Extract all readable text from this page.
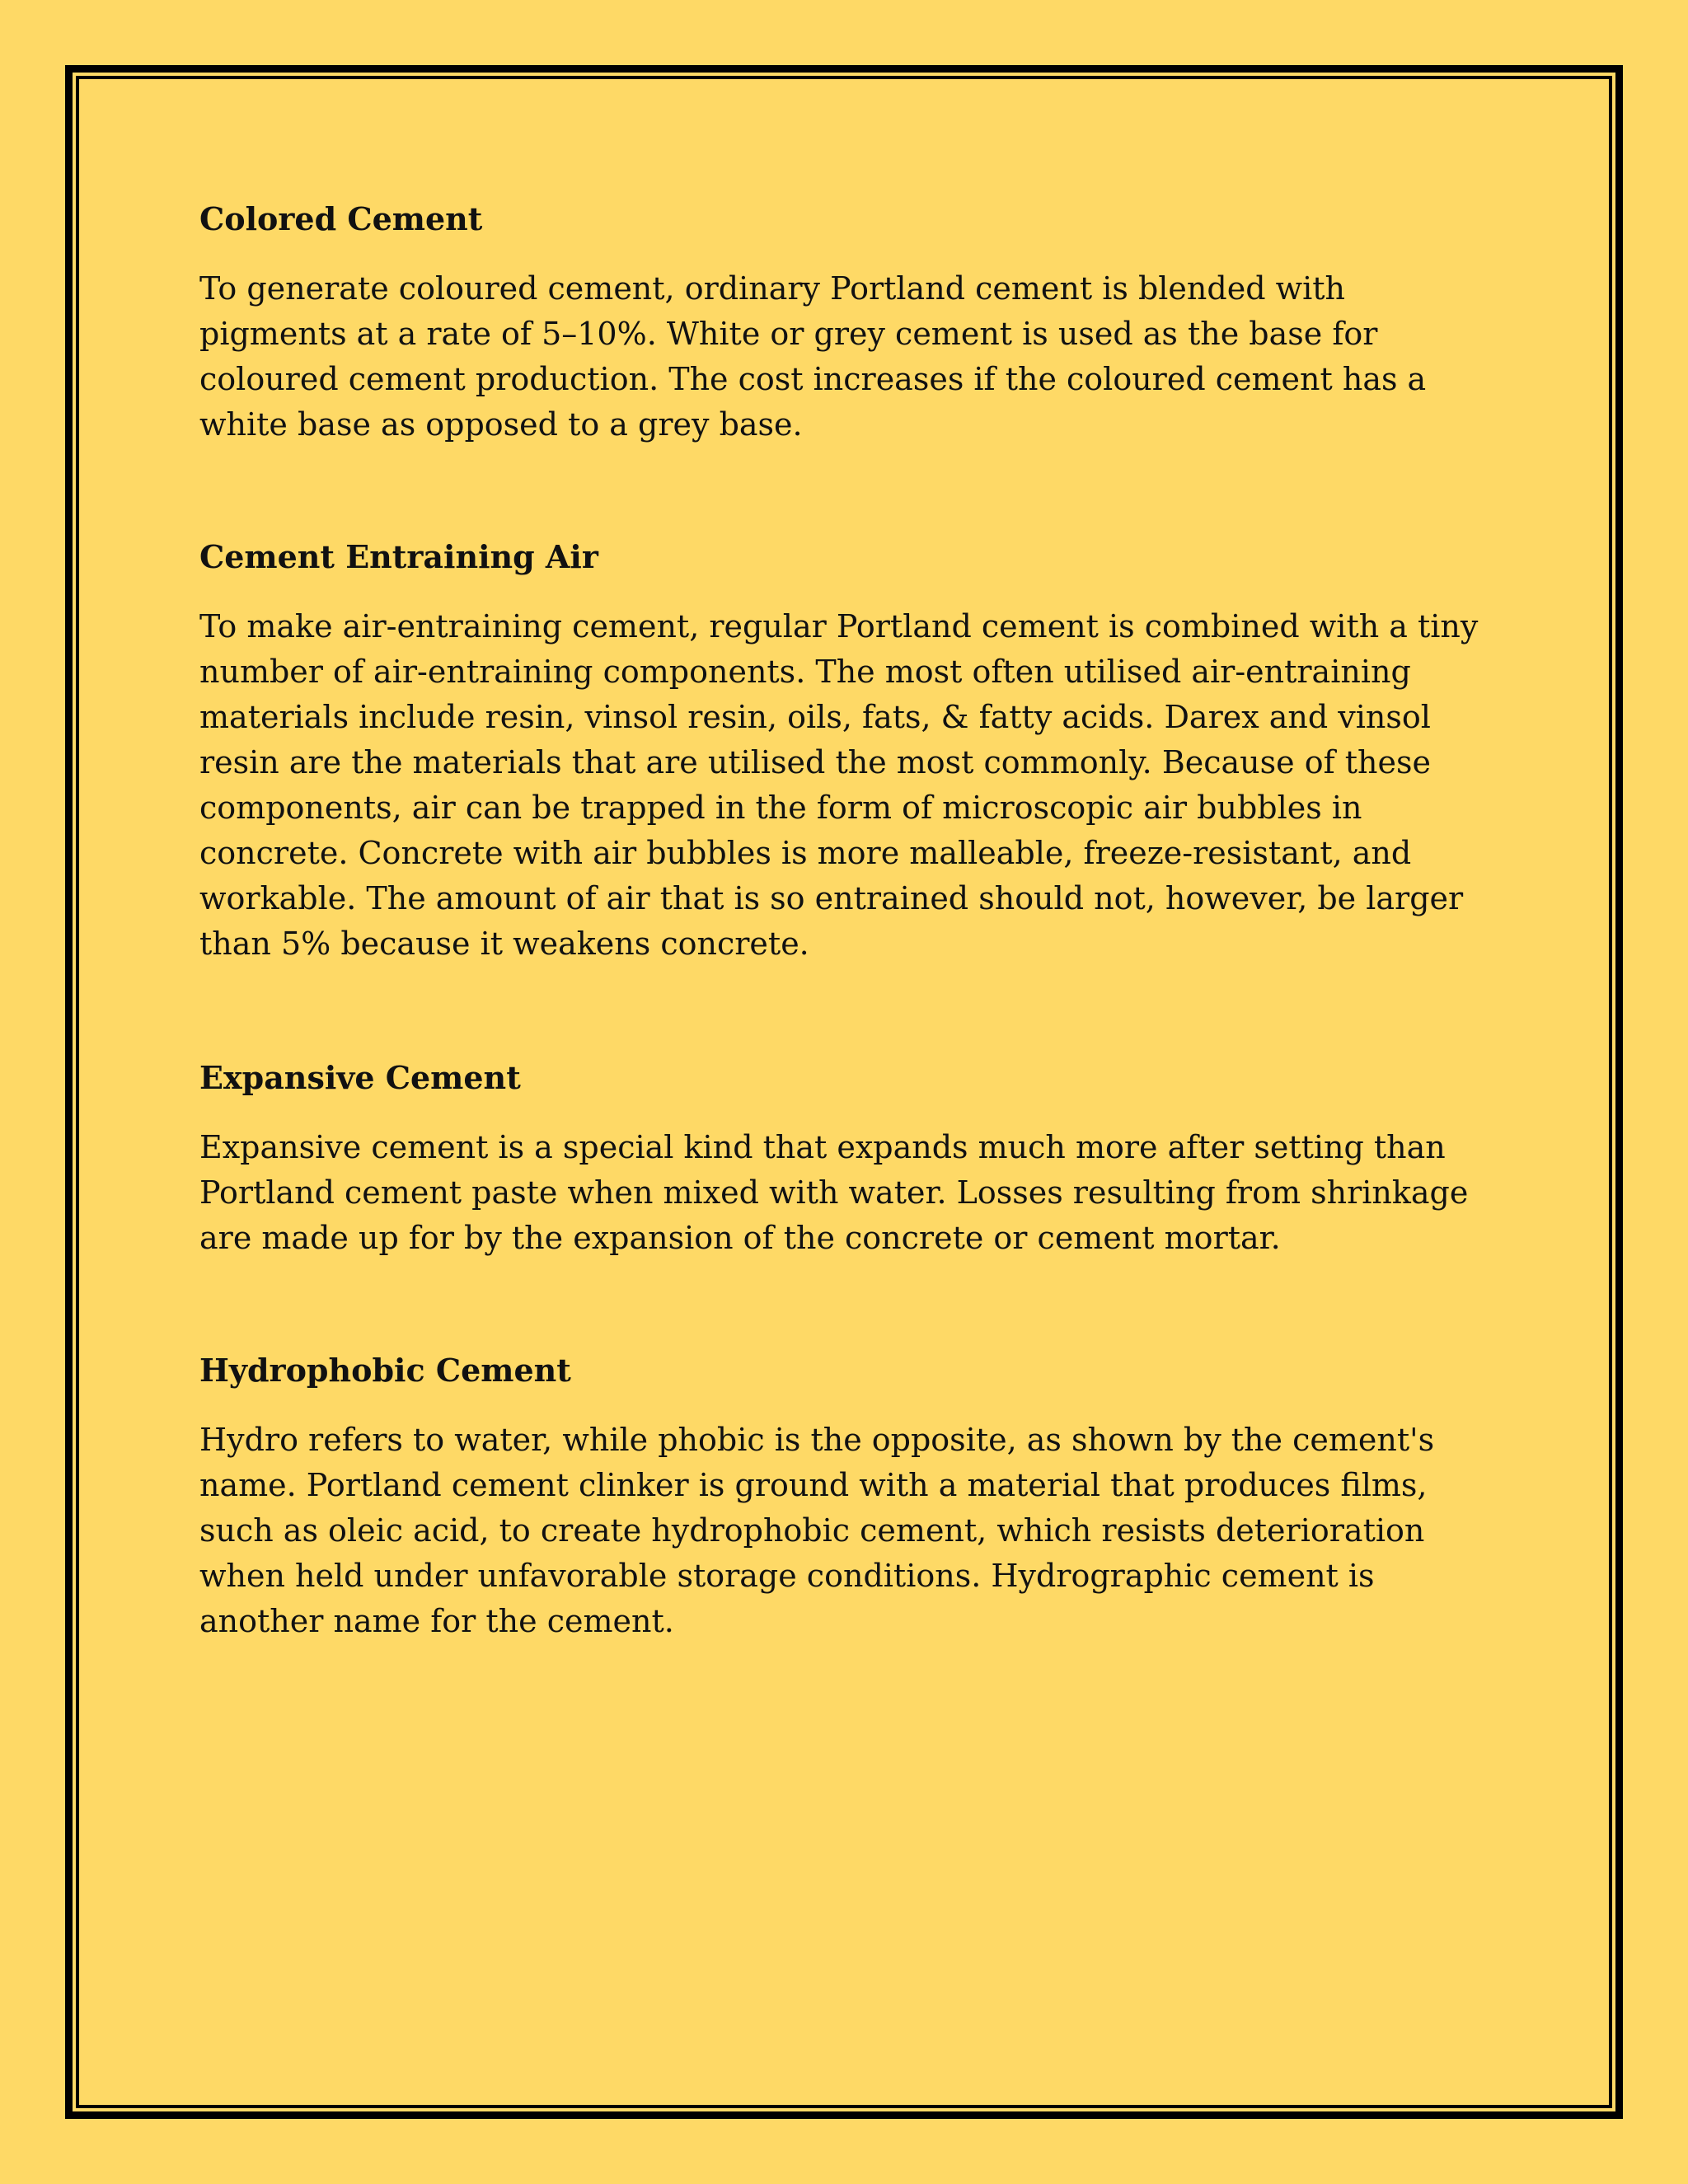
Colored Cement

To generate coloured cement, ordinary Portland cement is blended with pigments at a rate of 5–10%. White or grey cement is used as the base for coloured cement production. The cost increases if the coloured cement has a white base as opposed to a grey base.

Cement Entraining Air

To make air-entraining cement, regular Portland cement is combined with a tiny number of air-entraining components. The most often utilised air-entraining materials include resin, vinsol resin, oils, fats, & fatty acids. Darex and vinsol resin are the materials that are utilised the most commonly. Because of these components, air can be trapped in the form of microscopic air bubbles in concrete. Concrete with air bubbles is more malleable, freeze-resistant, and workable. The amount of air that is so entrained should not, however, be larger than 5% because it weakens concrete.

Expansive Cement

Expansive cement is a special kind that expands much more after setting than Portland cement paste when mixed with water. Losses resulting from shrinkage are made up for by the expansion of the concrete or cement mortar.

Hydrophobic Cement

Hydro refers to water, while phobic is the opposite, as shown by the cement's name. Portland cement clinker is ground with a material that produces films, such as oleic acid, to create hydrophobic cement, which resists deterioration when held under unfavorable storage conditions. Hydrographic cement is another name for the cement.
